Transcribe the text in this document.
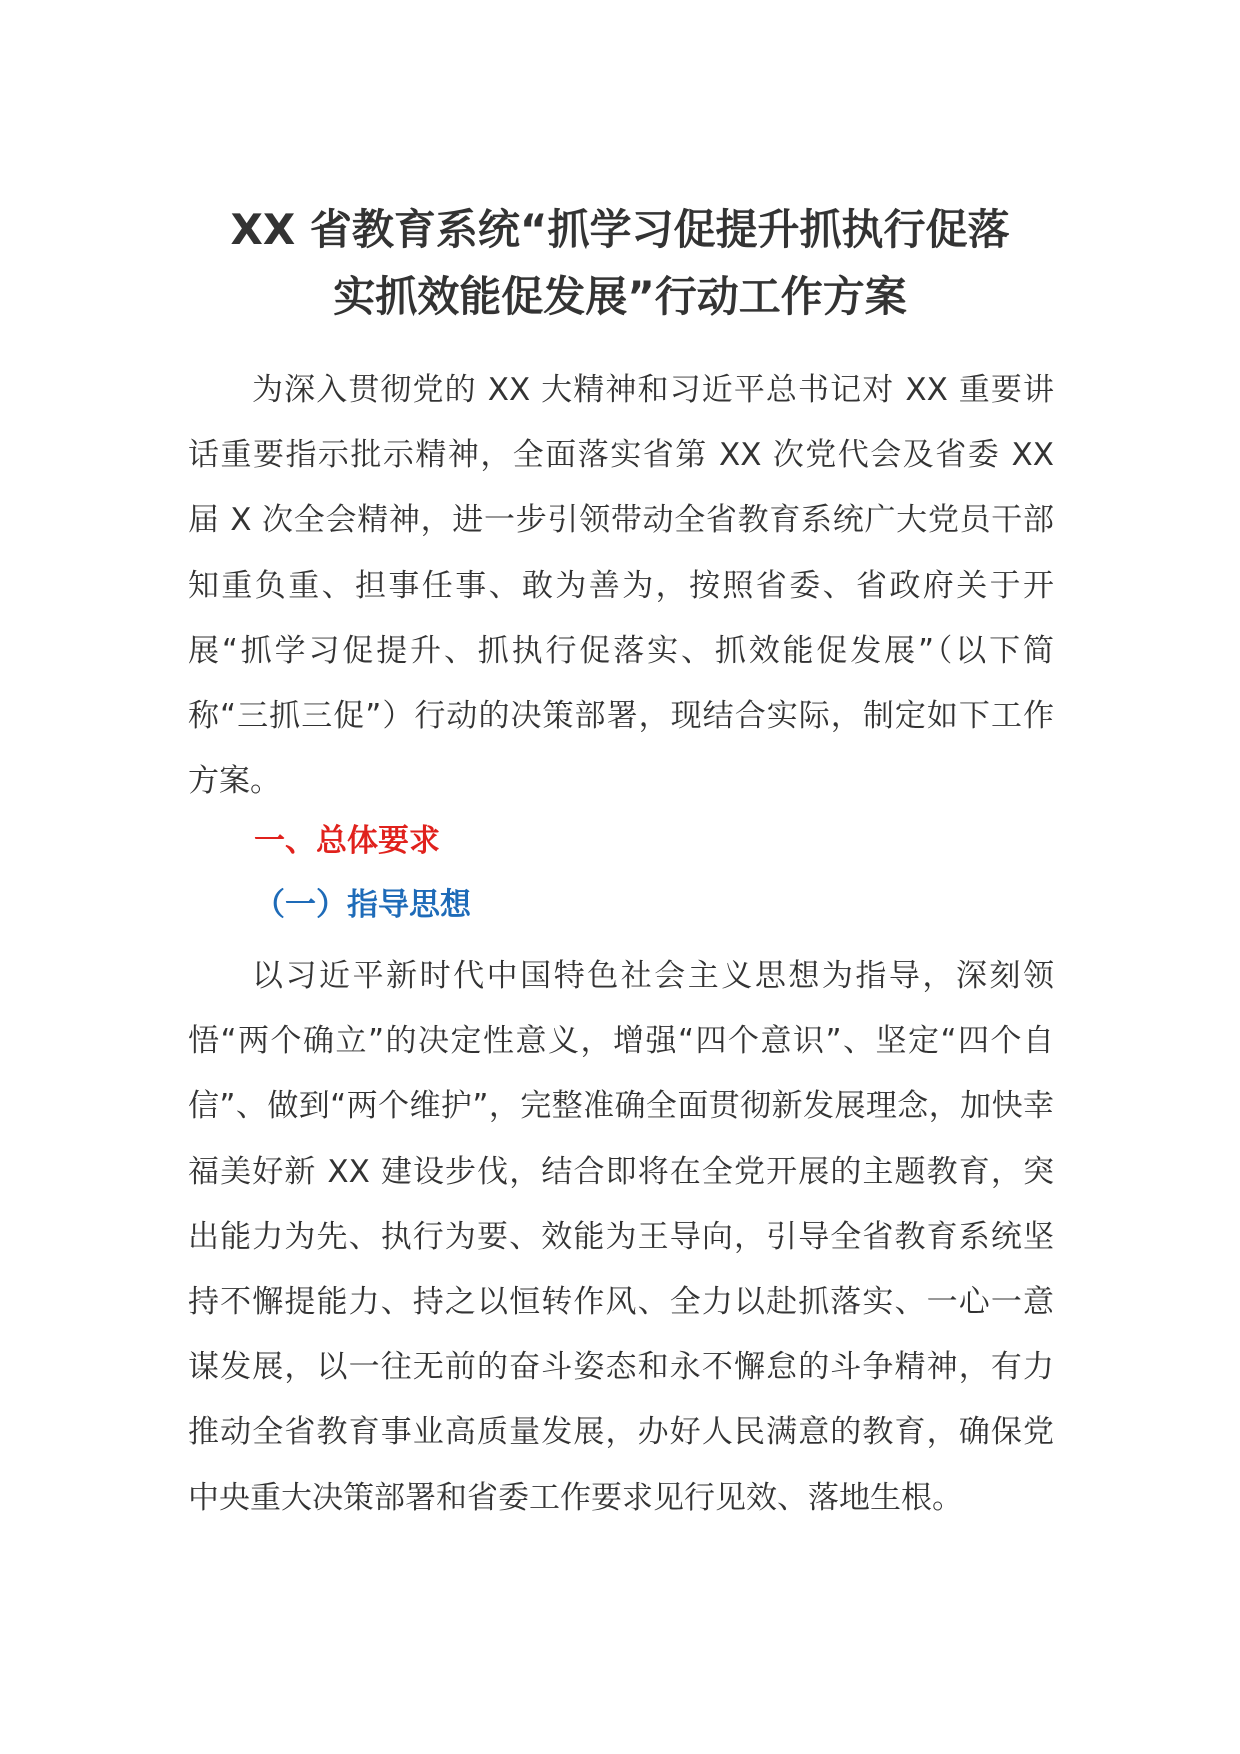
XX 省教育系统“抓学习促提升抓执行促落
实抓效能促发展”行动工作方案

为深入贯彻党的 XX 大精神和习近平总书记对 XX 重要讲话重要指示批示精神，全面落实省第 XX 次党代会及省委 XX 届 X 次全会精神，进一步引领带动全省教育系统广大党员干部知重负重、担事任事、敢为善为，按照省委、省政府关于开展“抓学习促提升、抓执行促落实、抓效能促发展”（以下简称“三抓三促”）行动的决策部署，现结合实际，制定如下工作方案。

一、总体要求
（一）指导思想

以习近平新时代中国特色社会主义思想为指导，深刻领悟“两个确立”的决定性意义，增强“四个意识”、坚定“四个自信”、做到“两个维护”，完整准确全面贯彻新发展理念，加快幸福美好新 XX 建设步伐，结合即将在全党开展的主题教育，突出能力为先、执行为要、效能为王导向，引导全省教育系统坚持不懈提能力、持之以恒转作风、全力以赴抓落实、一心一意谋发展，以一往无前的奋斗姿态和永不懈怠的斗争精神，有力推动全省教育事业高质量发展，办好人民满意的教育，确保党中央重大决策部署和省委工作要求见行见效、落地生根。
